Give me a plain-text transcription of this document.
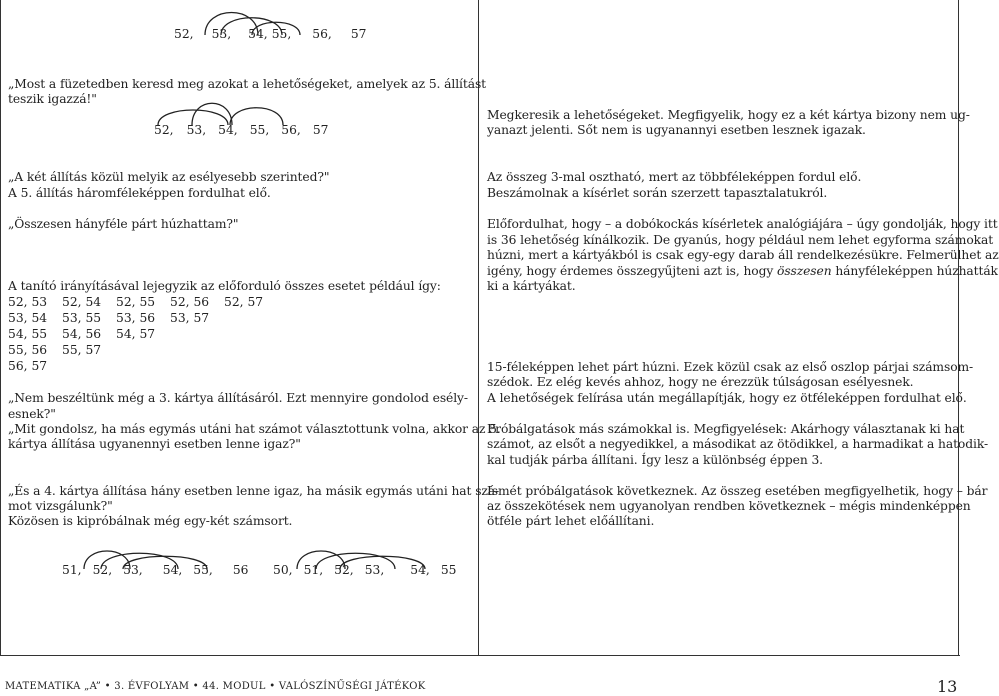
52, 53, 54, 55, 56, 57
„Most a füzetedben keresd meg azokat a lehetőségeket, amelyek az 5. állítást
teszik igazzá!"
52, 53, 54, 55, 56, 57
„A két állítás közül melyik az esélyesebb szerinted?"
A 5. állítás háromféleképpen fordulhat elő.
„Összesen hányféle párt húzhattam?"
A tanító irányításával lejegyzik az előforduló összes esetet például így:
52, 53 52, 54 52, 55 52, 56 52, 57
53, 54 53, 55 53, 56 53, 57
54, 55 54, 56 54, 57
55, 56 55, 57
56, 57
„Nem beszéltünk még a 3. kártya állításáról. Ezt mennyire gondolod esély-
esnek?"
„Mit gondolsz, ha más egymás utáni hat számot választottunk volna, akkor az 5.
kártya állítása ugyanennyi esetben lenne igaz?"
„És a 4. kártya állítása hány esetben lenne igaz, ha másik egymás utáni hat szá-
mot vizsgálunk?"
Közösen is kipróbálnak még egy-két számsort.
51, 52, 53, 54, 55, 56 50, 51, 52, 53, 54, 55
Megkeresik a lehetőségeket. Megfigyelik, hogy ez a két kártya bizony nem ug-
yanazt jelenti. Sőt nem is ugyanannyi esetben lesznek igazak.
Az összeg 3-mal osztható, mert az többféleképpen fordul elő.
Beszámolnak a kísérlet során szerzett tapasztalatukról.
Előfordulhat, hogy – a dobókockás kísérletek analógiájára – úgy gondolják, hogy itt
is 36 lehetőség kínálkozik. De gyanús, hogy például nem lehet egyforma számokat
húzni, mert a kártyákból is csak egy-egy darab áll rendelkezésükre. Felmerülhet az
igény, hogy érdemes összegyűjteni azt is, hogy összesen hányféleképpen húzhatták
ki a kártyákat.
15-féleképpen lehet párt húzni. Ezek közül csak az első oszlop párjai számsom-
szédok. Ez elég kevés ahhoz, hogy ne érezzük túlságosan esélyesnek.
A lehetőségek felírása után megállapítják, hogy ez ötféleképpen fordulhat elő.
Próbálgatások más számokkal is. Megfigyelések: Akárhogy választanak ki hat
számot, az elsőt a negyedikkel, a másodikat az ötödikkel, a harmadikat a hatodik-
kal tudják párba állítani. Így lesz a különbség éppen 3.
Ismét próbálgatások következnek. Az összeg esetében megfigyelhetik, hogy – bár
az összekötések nem ugyanolyan rendben következnek – mégis mindenképpen
ötféle párt lehet előállítani.
MATEMATIKA „A” • 3. ÉVFOLYAM • 44. MODUL • VALÓSZÍNŰSÉGI JÁTÉKOK	13
